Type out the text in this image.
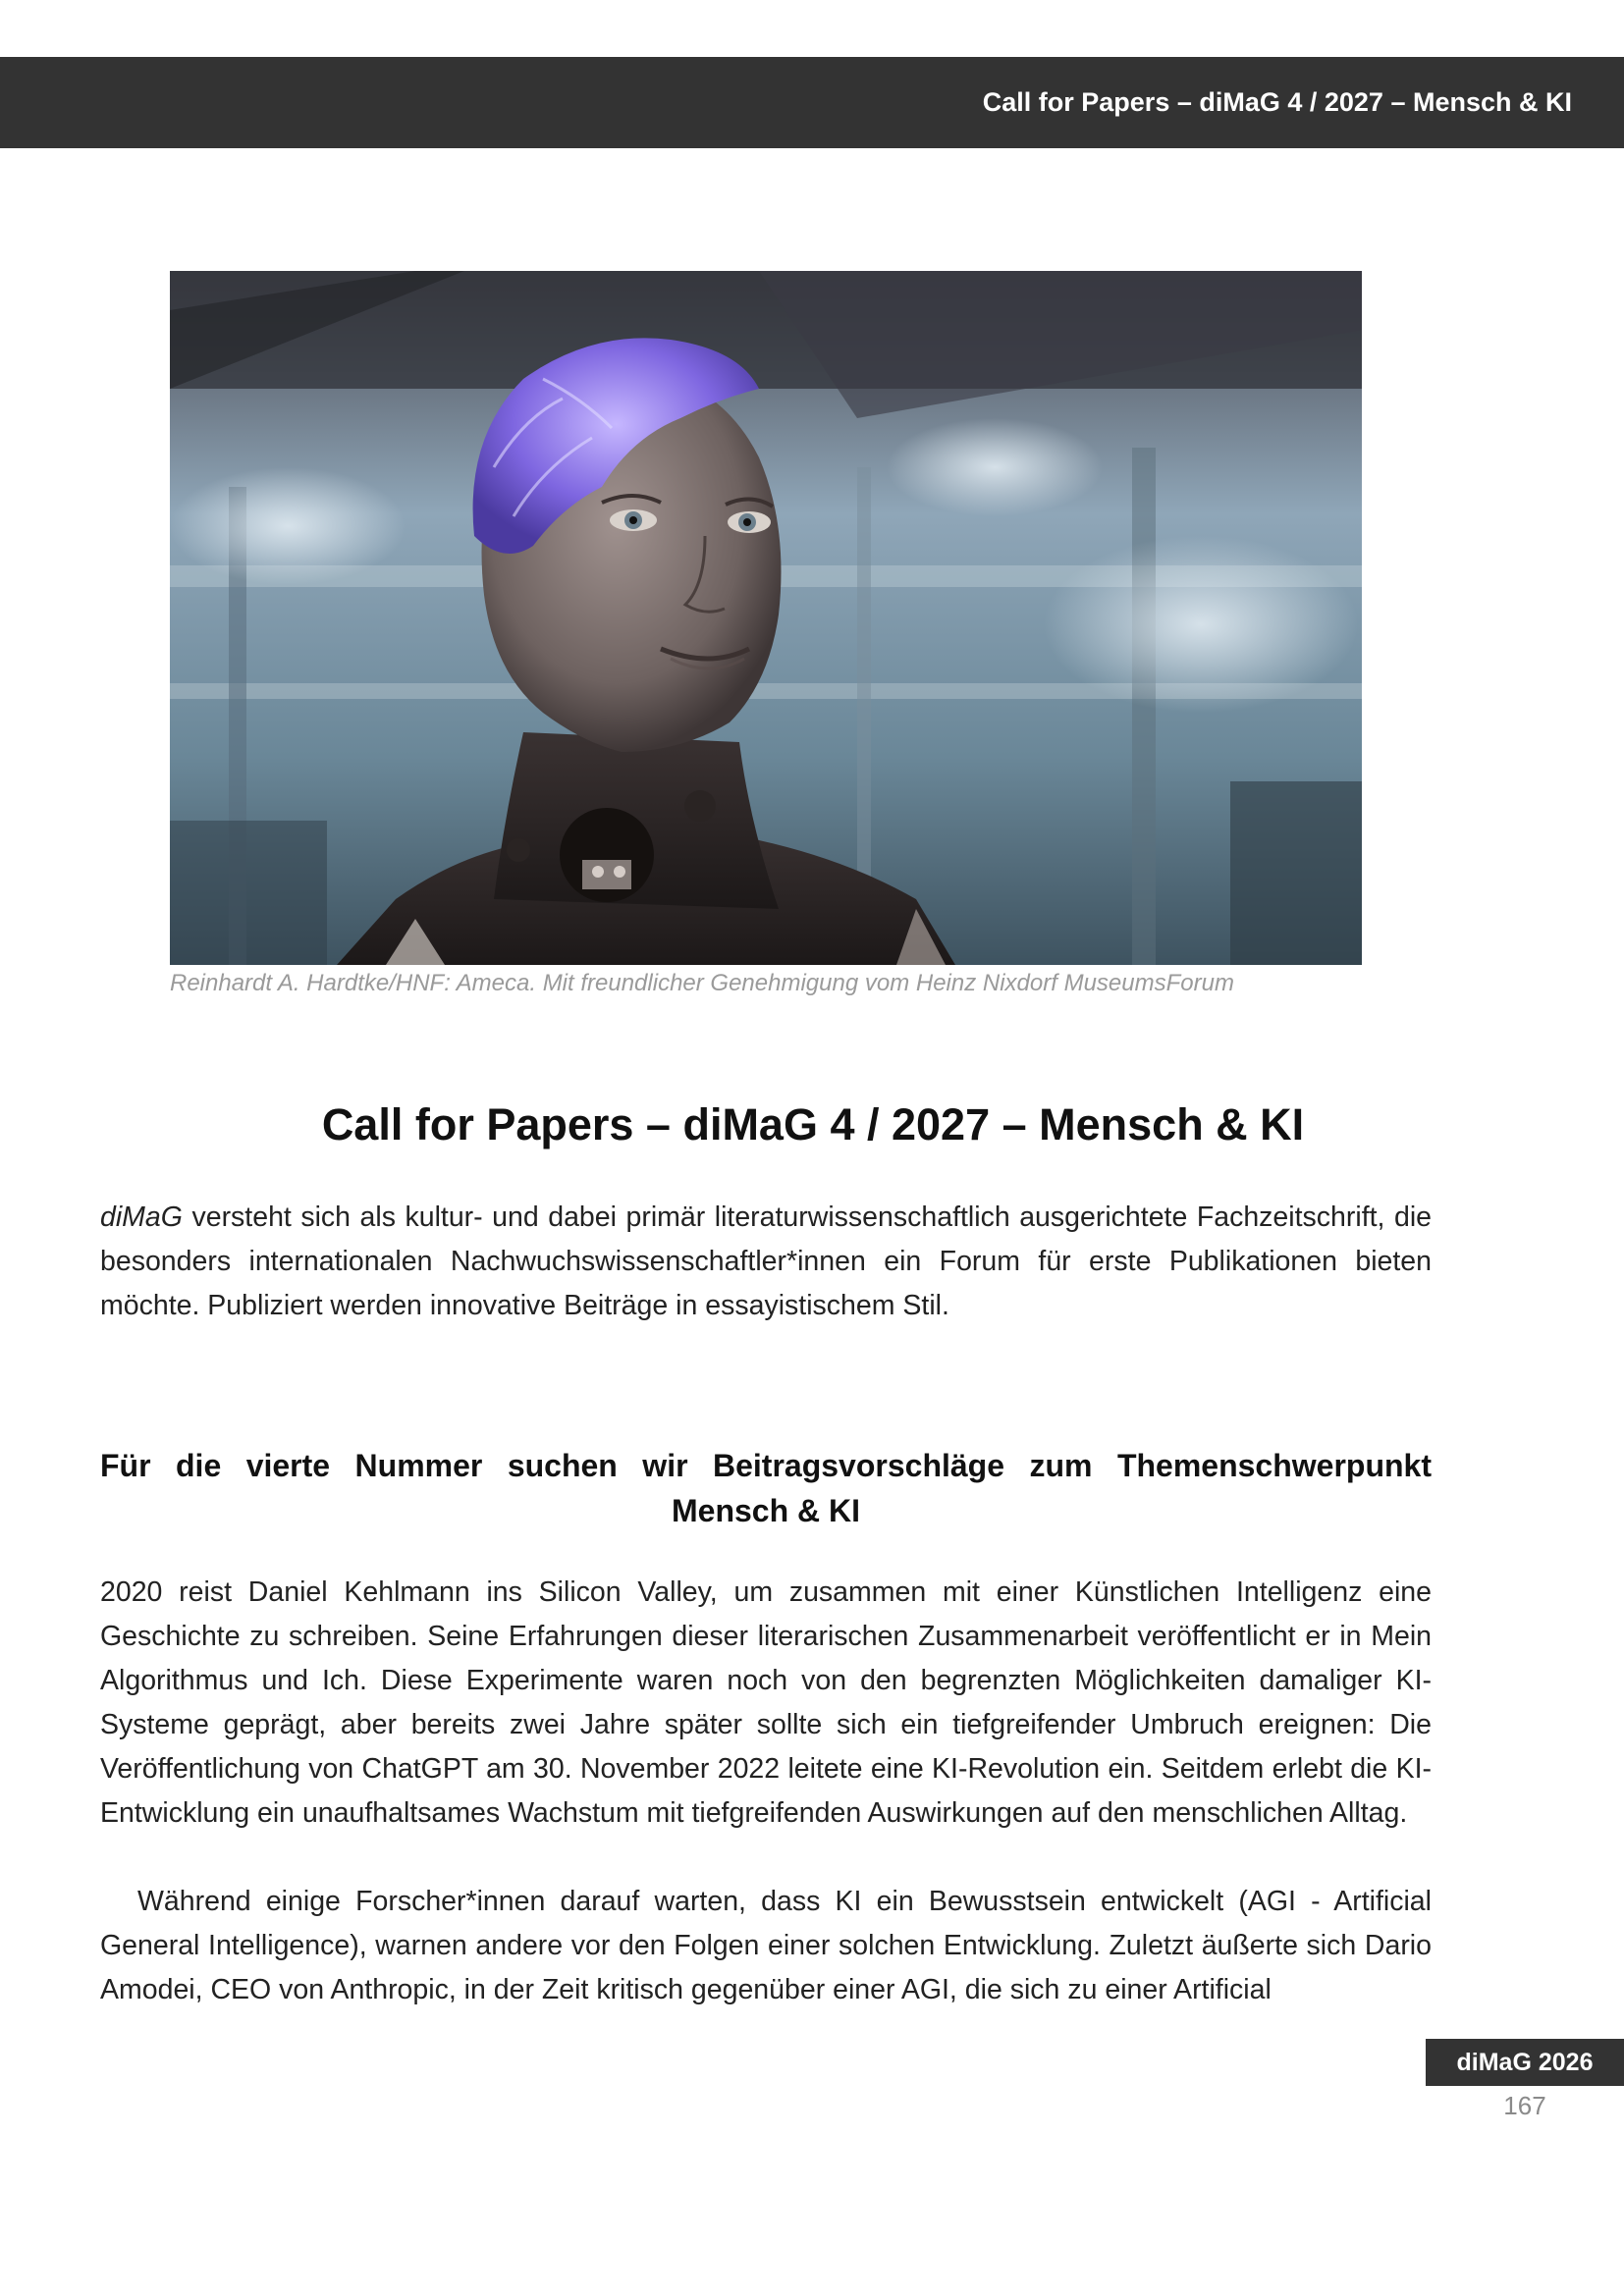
Call for Papers – diMaG 4 / 2027 – Mensch & KI
Reinhardt A. Hardtke/HNF: Ameca. Mit freundlicher Genehmigung vom Heinz Nixdorf MuseumsForum
Call for Papers – diMaG 4 / 2027 – Mensch & KI
diMaG versteht sich als kultur- und dabei primär literaturwissenschaftlich ausgerichtete Fachzeitschrift, die besonders internationalen Nachwuchswissenschaftler*innen ein Forum für erste Publikationen bieten möchte. Publiziert werden innovative Beiträge in essayistischem Stil.
Für die vierte Nummer suchen wir Beitragsvorschläge zum Themenschwerpunkt
Mensch & KI
2020 reist Daniel Kehlmann ins Silicon Valley, um zusammen mit einer Künstlichen Intelligenz eine Geschichte zu schreiben. Seine Erfahrungen dieser literarischen Zusammenarbeit veröffentlicht er in Mein Algorithmus und Ich. Diese Experimente waren noch von den begrenzten Möglichkeiten damaliger KI-Systeme geprägt, aber bereits zwei Jahre später sollte sich ein tiefgreifender Umbruch ereignen: Die Veröffentlichung von ChatGPT am 30. November 2022 leitete eine KI-Revolution ein. Seitdem erlebt die KI-Entwicklung ein unaufhaltsames Wachstum mit tiefgreifenden Auswirkungen auf den menschlichen Alltag.
Während einige Forscher*innen darauf warten, dass KI ein Bewusstsein entwickelt (AGI - Artificial General Intelligence), warnen andere vor den Folgen einer solchen Entwicklung. Zuletzt äußerte sich Dario Amodei, CEO von Anthropic, in der Zeit kritisch gegenüber einer AGI, die sich zu einer Artificial
diMaG 2026
167
